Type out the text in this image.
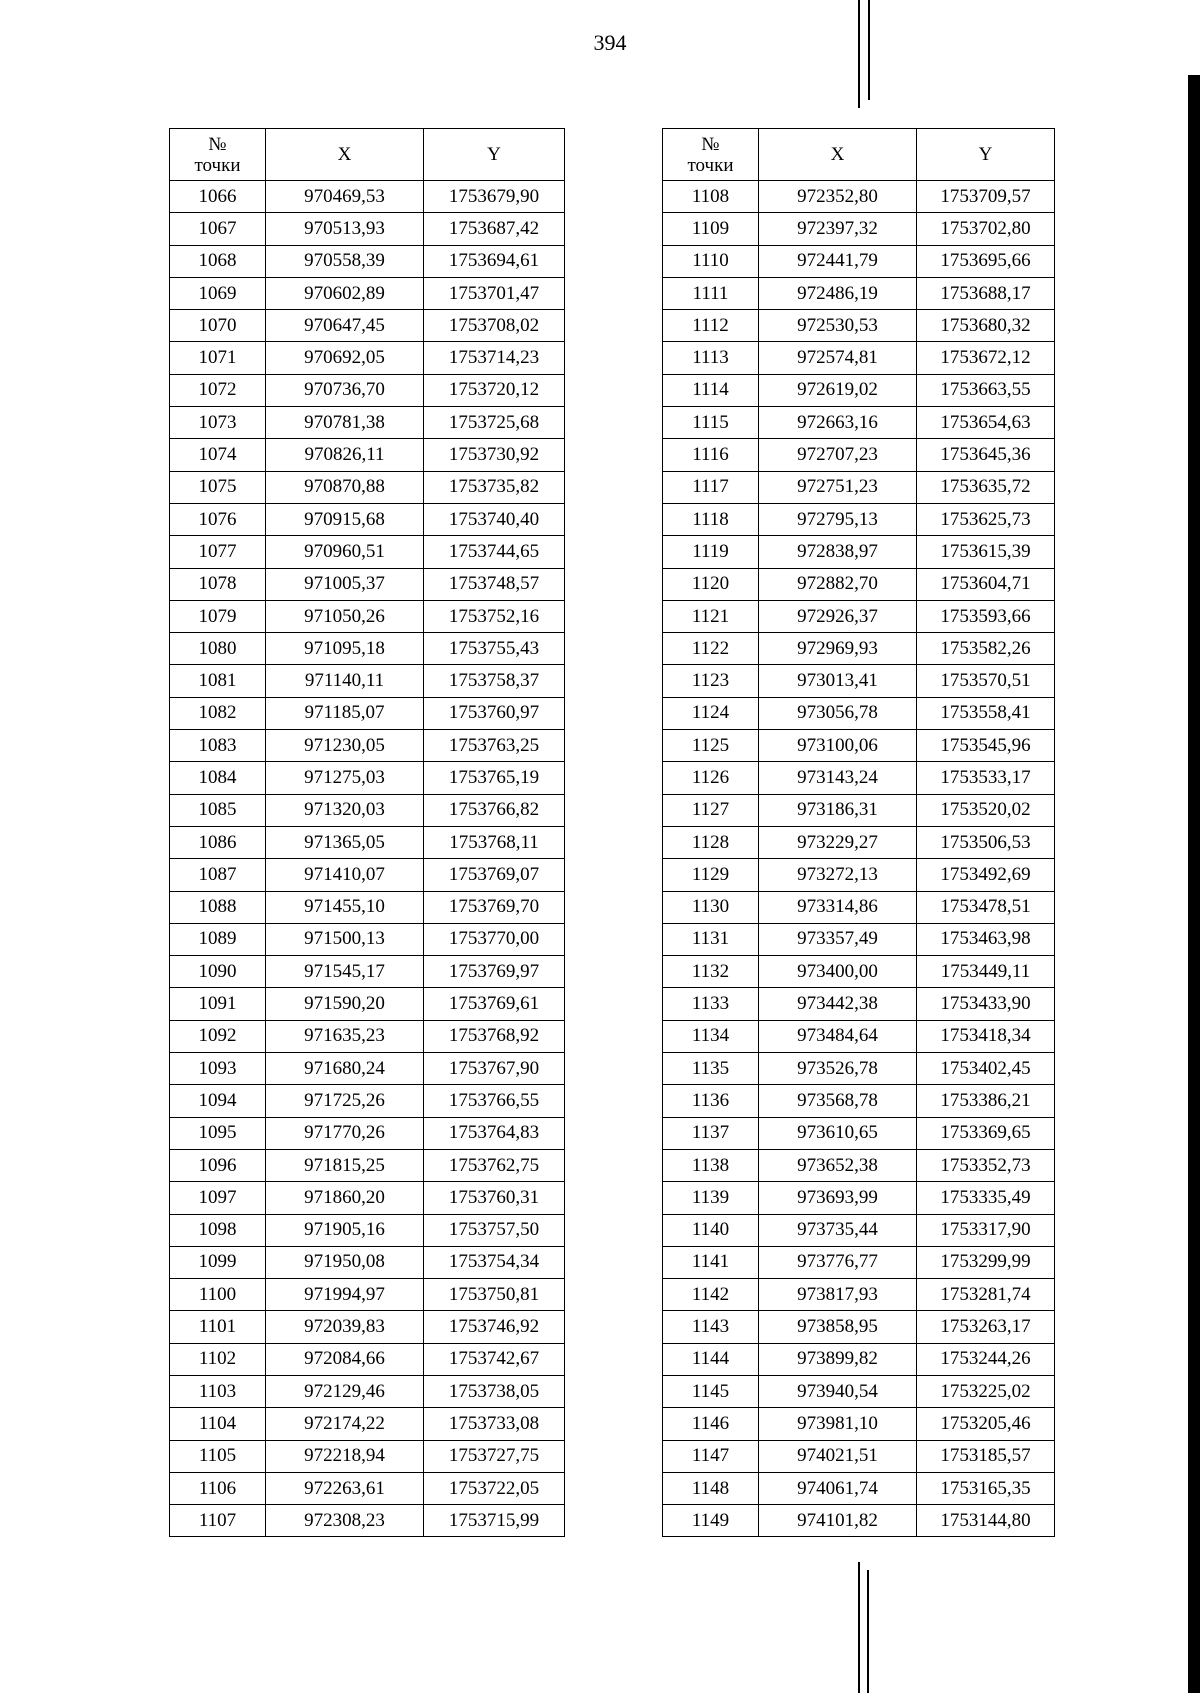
394
№
точки	X	Y
1066	970469,53	1753679,90
1067	970513,93	1753687,42
1068	970558,39	1753694,61
1069	970602,89	1753701,47
1070	970647,45	1753708,02
1071	970692,05	1753714,23
1072	970736,70	1753720,12
1073	970781,38	1753725,68
1074	970826,11	1753730,92
1075	970870,88	1753735,82
1076	970915,68	1753740,40
1077	970960,51	1753744,65
1078	971005,37	1753748,57
1079	971050,26	1753752,16
1080	971095,18	1753755,43
1081	971140,11	1753758,37
1082	971185,07	1753760,97
1083	971230,05	1753763,25
1084	971275,03	1753765,19
1085	971320,03	1753766,82
1086	971365,05	1753768,11
1087	971410,07	1753769,07
1088	971455,10	1753769,70
1089	971500,13	1753770,00
1090	971545,17	1753769,97
1091	971590,20	1753769,61
1092	971635,23	1753768,92
1093	971680,24	1753767,90
1094	971725,26	1753766,55
1095	971770,26	1753764,83
1096	971815,25	1753762,75
1097	971860,20	1753760,31
1098	971905,16	1753757,50
1099	971950,08	1753754,34
1100	971994,97	1753750,81
1101	972039,83	1753746,92
1102	972084,66	1753742,67
1103	972129,46	1753738,05
1104	972174,22	1753733,08
1105	972218,94	1753727,75
1106	972263,61	1753722,05
1107	972308,23	1753715,99
№
точки	X	Y
1108	972352,80	1753709,57
1109	972397,32	1753702,80
1110	972441,79	1753695,66
1111	972486,19	1753688,17
1112	972530,53	1753680,32
1113	972574,81	1753672,12
1114	972619,02	1753663,55
1115	972663,16	1753654,63
1116	972707,23	1753645,36
1117	972751,23	1753635,72
1118	972795,13	1753625,73
1119	972838,97	1753615,39
1120	972882,70	1753604,71
1121	972926,37	1753593,66
1122	972969,93	1753582,26
1123	973013,41	1753570,51
1124	973056,78	1753558,41
1125	973100,06	1753545,96
1126	973143,24	1753533,17
1127	973186,31	1753520,02
1128	973229,27	1753506,53
1129	973272,13	1753492,69
1130	973314,86	1753478,51
1131	973357,49	1753463,98
1132	973400,00	1753449,11
1133	973442,38	1753433,90
1134	973484,64	1753418,34
1135	973526,78	1753402,45
1136	973568,78	1753386,21
1137	973610,65	1753369,65
1138	973652,38	1753352,73
1139	973693,99	1753335,49
1140	973735,44	1753317,90
1141	973776,77	1753299,99
1142	973817,93	1753281,74
1143	973858,95	1753263,17
1144	973899,82	1753244,26
1145	973940,54	1753225,02
1146	973981,10	1753205,46
1147	974021,51	1753185,57
1148	974061,74	1753165,35
1149	974101,82	1753144,80
